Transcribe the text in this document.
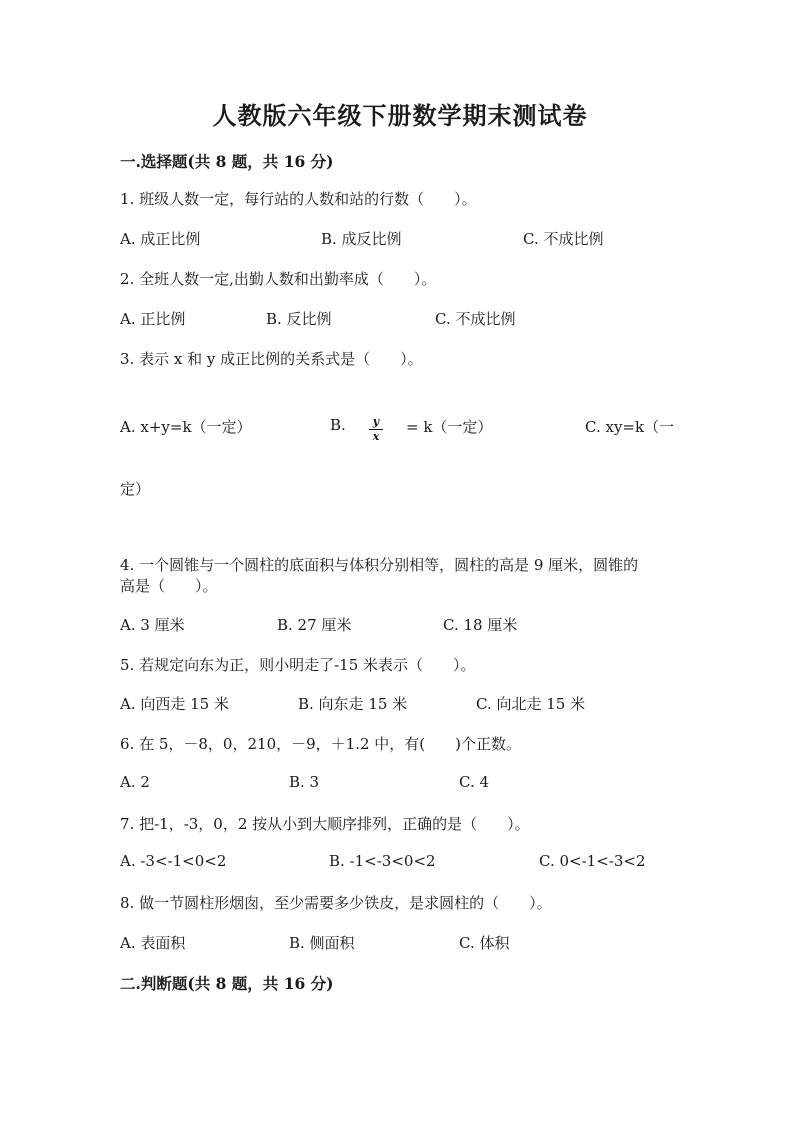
人教版六年级下册数学期末测试卷
一.选择题(共 8 题，共 16 分)
1. 班级人数一定，每行站的人数和站的行数（　　）。
A. 成正比例	B. 成反比例	C. 不成比例
2. 全班人数一定,出勤人数和出勤率成（　　）。
A. 正比例	B. 反比例	C. 不成比例
3. 表示 x 和 y 成正比例的关系式是（　　）。
A. x+y=k（一定）	B.	y
x
= k（一定）	C. xy=k（一
定）
4. 一个圆锥与一个圆柱的底面积与体积分别相等，圆柱的高是 9 厘米，圆锥的
高是（　　）。
A. 3 厘米	B. 27 厘米	C. 18 厘米
5. 若规定向东为正，则小明走了-15 米表示（　　）。
A. 向西走 15 米	B. 向东走 15 米	C. 向北走 15 米
6. 在 5，－8，0，210，－9，＋1.2 中，有(　　)个正数。
A. 2	B. 3	C. 4
7. 把-1，-3，0，2 按从小到大顺序排列，正确的是（　　）。
A. -3<-1<0<2	B. -1<-3<0<2	C. 0<-1<-3<2
8. 做一节圆柱形烟囱，至少需要多少铁皮，是求圆柱的（　　）。
A. 表面积	B. 侧面积	C. 体积
二.判断题(共 8 题，共 16 分)
